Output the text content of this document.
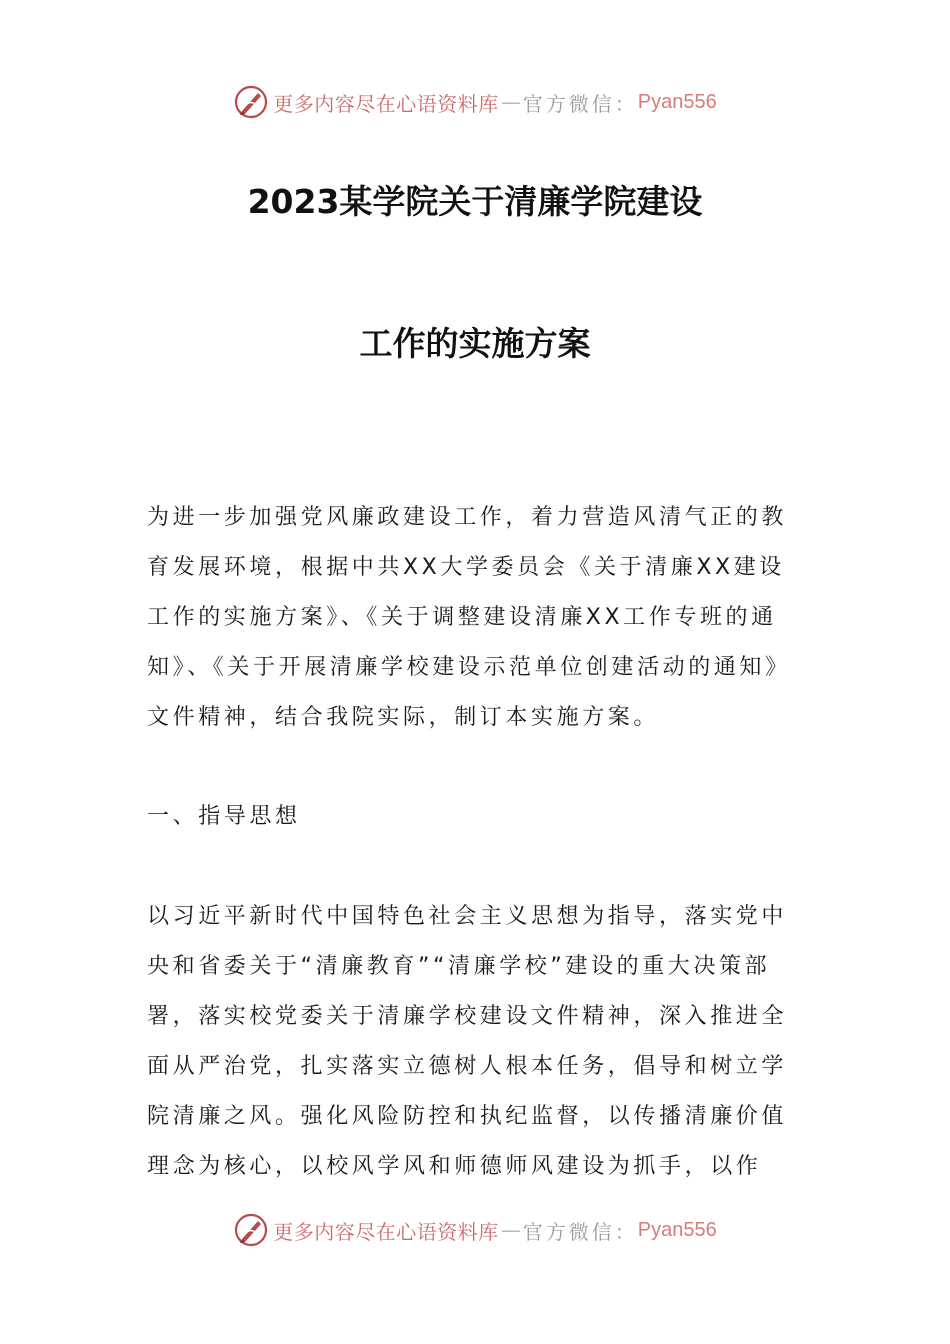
更多内容尽在心语资料库 — 官方微信： Pyan556
2023某学院关于清廉学院建设
工作的实施方案

为进一步加强党风廉政建设工作，着力营造风清气正的教育发展环境，根据中共XX大学委员会《关于清廉XX建设工作的实施方案》、《关于调整建设清廉XX工作专班的通知》、《关于开展清廉学校建设示范单位创建活动的通知》文件精神，结合我院实际，制订本实施方案。

一、指导思想

以习近平新时代中国特色社会主义思想为指导，落实党中央和省委关于“清廉教育”“清廉学校”建设的重大决策部署，落实校党委关于清廉学校建设文件精神，深入推进全面从严治党，扎实落实立德树人根本任务，倡导和树立学院清廉之风。强化风险防控和执纪监督，以传播清廉价值理念为核心，以校风学风和师德师风建设为抓手，以作

更多内容尽在心语资料库 — 官方微信： Pyan556
